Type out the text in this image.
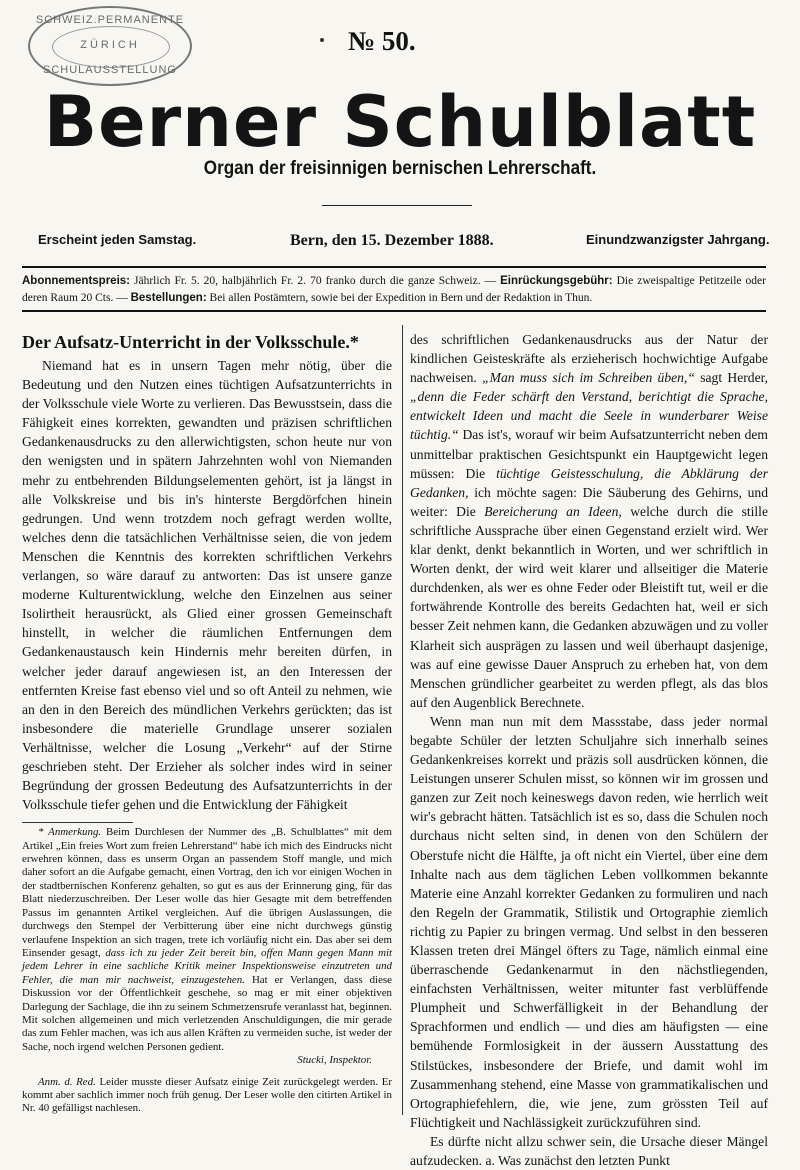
SCHWEIZ.PERMANENTE
ZÜRICH
SCHULAUSSTELLUNG
№ 50.
Berner Schulblatt
Organ der freisinnigen bernischen Lehrerschaft.
Erscheint jeden Samstag.	Bern, den 15. Dezember 1888.	Einundzwanzigster Jahrgang.
Abonnementspreis: Jährlich Fr. 5. 20, halbjährlich Fr. 2. 70 franko durch die ganze Schweiz. — Einrückungsgebühr: Die zweispaltige Petitzeile oder deren Raum 20 Cts. — Bestellungen: Bei allen Postämtern, sowie bei der Expedition in Bern und der Redaktion in Thun.
Der Aufsatz-Unterricht in der Volksschule.*

Niemand hat es in unsern Tagen mehr nötig, über die Bedeutung und den Nutzen eines tüchtigen Aufsatzunterrichts in der Volksschule viele Worte zu verlieren. Das Bewusstsein, dass die Fähigkeit eines korrekten, gewandten und präzisen schriftlichen Gedankenausdrucks zu den allerwichtigsten, schon heute nur von den wenigsten und in spätern Jahrzehnten wohl von Niemanden mehr zu entbehrenden Bildungselementen gehört, ist ja längst in alle Volkskreise und bis in's hinterste Bergdörfchen hinein gedrungen. Und wenn trotzdem noch gefragt werden wollte, welches denn die tatsächlichen Verhältnisse seien, die von jedem Menschen die Kenntnis des korrekten schriftlichen Verkehrs verlangen, so wäre darauf zu antworten: Das ist unsere ganze moderne Kulturentwicklung, welche den Einzelnen aus seiner Isolirtheit herausrückt, als Glied einer grossen Gemeinschaft hinstellt, in welcher die räumlichen Entfernungen dem Gedankenaustausch kein Hindernis mehr bereiten dürfen, in welcher jeder darauf angewiesen ist, an den Interessen der entfernten Kreise fast ebenso viel und so oft Anteil zu nehmen, wie an den in den Bereich des mündlichen Verkehrs gerückten; das ist insbesondere die materielle Grundlage unserer sozialen Verhältnisse, welcher die Losung „Verkehr“ auf der Stirne geschrieben steht. Der Erzieher als solcher indes wird in seiner Begründung der grossen Bedeutung des Aufsatzunterrichts in der Volksschule tiefer gehen und die Entwicklung der Fähigkeit

* Anmerkung. Beim Durchlesen der Nummer des „B. Schulblattes“ mit dem Artikel „Ein freies Wort zum freien Lehrerstand“ habe ich mich des Eindrucks nicht erwehren können, dass es unserm Organ an passendem Stoff mangle, und mich daher sofort an die Aufgabe gemacht, einen Vortrag, den ich vor einigen Wochen in der stadtbernischen Konferenz gehalten, so gut es aus der Erinnerung ging, für das Blatt niederzuschreiben. Der Leser wolle das hier Gesagte mit dem betreffenden Passus im genannten Artikel vergleichen. Auf die übrigen Auslassungen, die durchwegs den Stempel der Verbitterung über eine nicht durchwegs günstig verlaufene Inspektion an sich tragen, trete ich vorläufig nicht ein. Das aber sei dem Einsender gesagt, dass ich zu jeder Zeit bereit bin, offen Mann gegen Mann mit jedem Lehrer in eine sachliche Kritik meiner Inspektionsweise einzutreten und Fehler, die man mir nachweist, einzugestehen. Hat er Verlangen, dass diese Diskussion vor der Öffentlichkeit geschehe, so mag er mit einer objektiven Darlegung der Sachlage, die ihn zu seinem Schmerzensrufe veranlasst hat, beginnen. Mit solchen allgemeinen und mich verletzenden Anschuldigungen, die mir gerade das zum Fehler machen, was ich aus allen Kräften zu vermeiden suche, ist weder der Sache, noch irgend welchen Personen gedient.

Stucki, Inspektor.

Anm. d. Red. Leider musste dieser Aufsatz einige Zeit zurückgelegt werden. Er kommt aber sachlich immer noch früh genug. Der Leser wolle den citirten Artikel in Nr. 40 gefälligst nachlesen.

des schriftlichen Gedankenausdrucks aus der Natur der kindlichen Geisteskräfte als erzieherisch hochwichtige Aufgabe nachweisen. „Man muss sich im Schreiben üben,“ sagt Herder, „denn die Feder schärft den Verstand, berichtigt die Sprache, entwickelt Ideen und macht die Seele in wunderbarer Weise tüchtig.“ Das ist's, worauf wir beim Aufsatzunterricht neben dem unmittelbar praktischen Gesichtspunkt ein Hauptgewicht legen müssen: Die tüchtige Geistesschulung, die Abklärung der Gedanken, ich möchte sagen: Die Säuberung des Gehirns, und weiter: Die Bereicherung an Ideen, welche durch die stille schriftliche Aussprache über einen Gegenstand erzielt wird. Wer klar denkt, denkt bekanntlich in Worten, und wer schriftlich in Worten denkt, der wird weit klarer und allseitiger die Materie durchdenken, als wer es ohne Feder oder Bleistift tut, weil er die fortwährende Kontrolle des bereits Gedachten hat, weil er sich besser Zeit nehmen kann, die Gedanken abzuwägen und zu voller Klarheit sich ausprägen zu lassen und weil überhaupt dasjenige, was auf eine gewisse Dauer Anspruch zu erheben hat, von dem Menschen gründlicher gearbeitet zu werden pflegt, als das blos auf den Augenblick Berechnete.

Wenn man nun mit dem Massstabe, dass jeder normal begabte Schüler der letzten Schuljahre sich innerhalb seines Gedankenkreises korrekt und präzis soll ausdrücken können, die Leistungen unserer Schulen misst, so können wir im grossen und ganzen zur Zeit noch keineswegs davon reden, wie herrlich weit wir's gebracht hätten. Tatsächlich ist es so, dass die Schulen noch durchaus nicht selten sind, in denen von den Schülern der Oberstufe nicht die Hälfte, ja oft nicht ein Viertel, über eine dem Inhalte nach aus dem täglichen Leben vollkommen bekannte Materie eine Anzahl korrekter Gedanken zu formuliren und nach den Regeln der Grammatik, Stilistik und Ortographie ziemlich richtig zu Papier zu bringen vermag. Und selbst in den besseren Klassen treten drei Mängel öfters zu Tage, nämlich einmal eine überraschende Gedankenarmut in den nächstliegenden, einfachsten Verhältnissen, weiter mitunter fast verblüffende Plumpheit und Schwerfälligkeit in der Behandlung der Sprachformen und endlich — und dies am häufigsten — eine bemühende Formlosigkeit in der äussern Ausstattung des Stilstückes, insbesondere der Briefe, und damit wohl im Zusammenhang stehend, eine Masse von grammatikalischen und Ortographiefehlern, die, wie jene, zum grössten Teil auf Flüchtigkeit und Nachlässigkeit zurückzuführen sind.

Es dürfte nicht allzu schwer sein, die Ursache dieser Mängel aufzudecken. a. Was zunächst den letzten Punkt
